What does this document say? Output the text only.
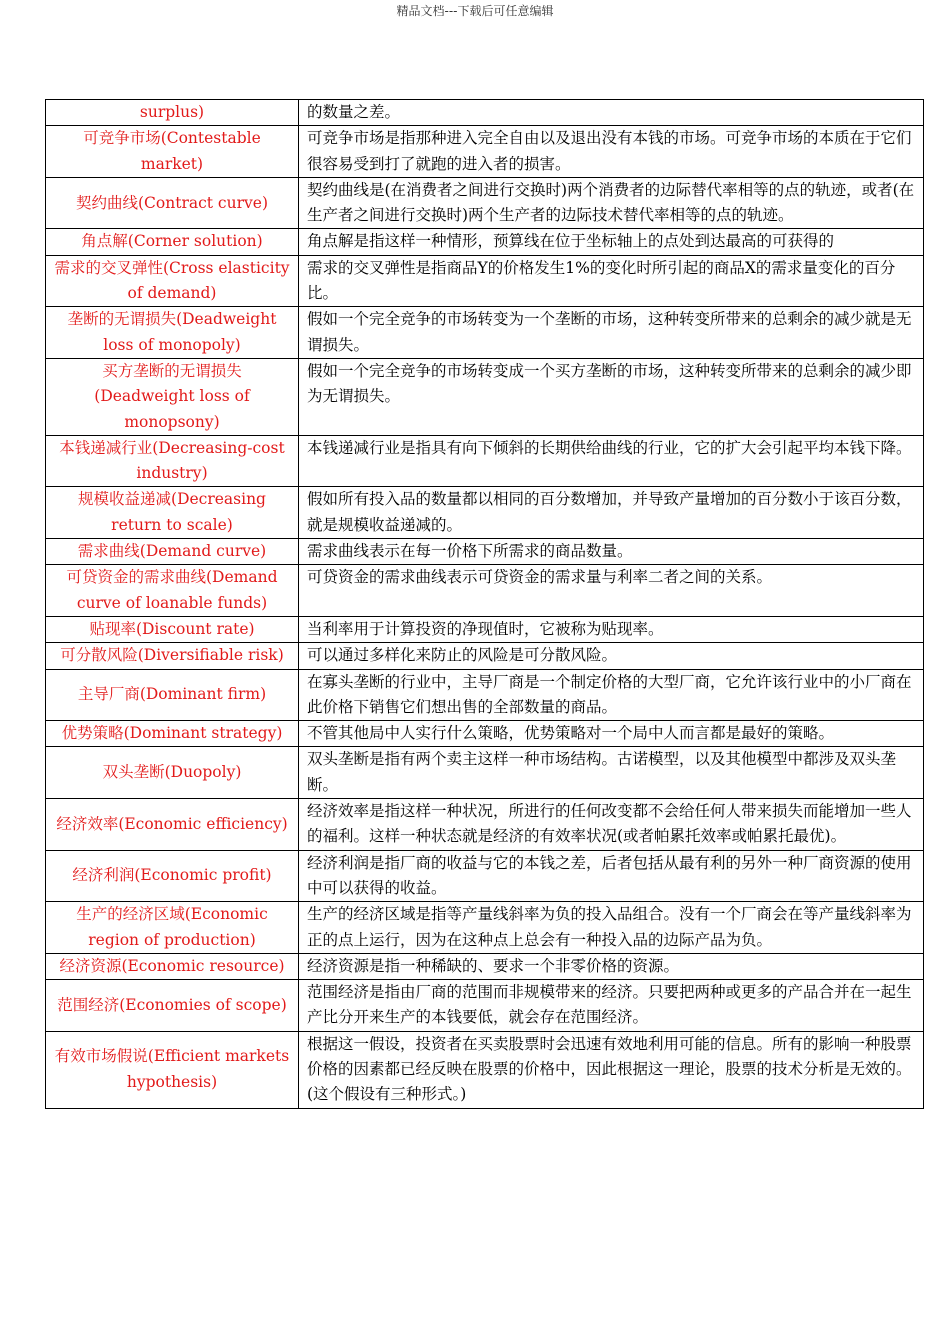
精品文档---下载后可任意编辑
surplus)	的数量之差。
可竞争市场(Contestable market)	可竞争市场是指那种进入完全自由以及退出没有本钱的市场。可竞争市场的本质在于它们很容易受到打了就跑的进入者的损害。
契约曲线(Contract curve)	契约曲线是(在消费者之间进行交换时)两个消费者的边际替代率相等的点的轨迹，或者(在生产者之间进行交换时)两个生产者的边际技术替代率相等的点的轨迹。
角点解(Corner solution)	角点解是指这样一种情形，预算线在位于坐标轴上的点处到达最高的可获得的
需求的交叉弹性(Cross elasticity of demand)	需求的交叉弹性是指商品Y的价格发生1%的变化时所引起的商品X的需求量变化的百分比。
垄断的无谓损失(Deadweight loss of monopoly)	假如一个完全竞争的市场转变为一个垄断的市场，这种转变所带来的总剩余的减少就是无谓损失。
买方垄断的无谓损失(Deadweight loss of monopsony)	假如一个完全竞争的市场转变成一个买方垄断的市场，这种转变所带来的总剩余的减少即为无谓损失。
本钱递减行业(Decreasing-cost industry)	本钱递减行业是指具有向下倾斜的长期供给曲线的行业，它的扩大会引起平均本钱下降。
规模收益递减(Decreasing return to scale)	假如所有投入品的数量都以相同的百分数增加，并导致产量增加的百分数小于该百分数，就是规模收益递减的。
需求曲线(Demand curve)	需求曲线表示在每一价格下所需求的商品数量。
可贷资金的需求曲线(Demand curve of loanable funds)	可贷资金的需求曲线表示可贷资金的需求量与利率二者之间的关系。
贴现率(Discount rate)	当利率用于计算投资的净现值时，它被称为贴现率。
可分散风险(Diversifiable risk)	可以通过多样化来防止的风险是可分散风险。
主导厂商(Dominant firm)	在寡头垄断的行业中，主导厂商是一个制定价格的大型厂商，它允许该行业中的小厂商在此价格下销售它们想出售的全部数量的商品。
优势策略(Dominant strategy)	不管其他局中人实行什么策略，优势策略对一个局中人而言都是最好的策略。
双头垄断(Duopoly)	双头垄断是指有两个卖主这样一种市场结构。古诺模型，以及其他模型中都涉及双头垄断。
经济效率(Economic efficiency)	经济效率是指这样一种状况，所进行的任何改变都不会给任何人带来损失而能增加一些人的福利。这样一种状态就是经济的有效率状况(或者帕累托效率或帕累托最优)。
经济利润(Economic profit)	经济利润是指厂商的收益与它的本钱之差，后者包括从最有利的另外一种厂商资源的使用中可以获得的收益。
生产的经济区域(Economic region of production)	生产的经济区域是指等产量线斜率为负的投入品组合。没有一个厂商会在等产量线斜率为正的点上运行，因为在这种点上总会有一种投入品的边际产品为负。
经济资源(Economic resource)	经济资源是指一种稀缺的、要求一个非零价格的资源。
范围经济(Economies of scope)	范围经济是指由厂商的范围而非规模带来的经济。只要把两种或更多的产品合并在一起生产比分开来生产的本钱要低，就会存在范围经济。
有效市场假说(Efficient markets hypothesis)	根据这一假设，投资者在买卖股票时会迅速有效地利用可能的信息。所有的影响一种股票价格的因素都已经反映在股票的价格中，因此根据这一理论，股票的技术分析是无效的。(这个假设有三种形式。)
